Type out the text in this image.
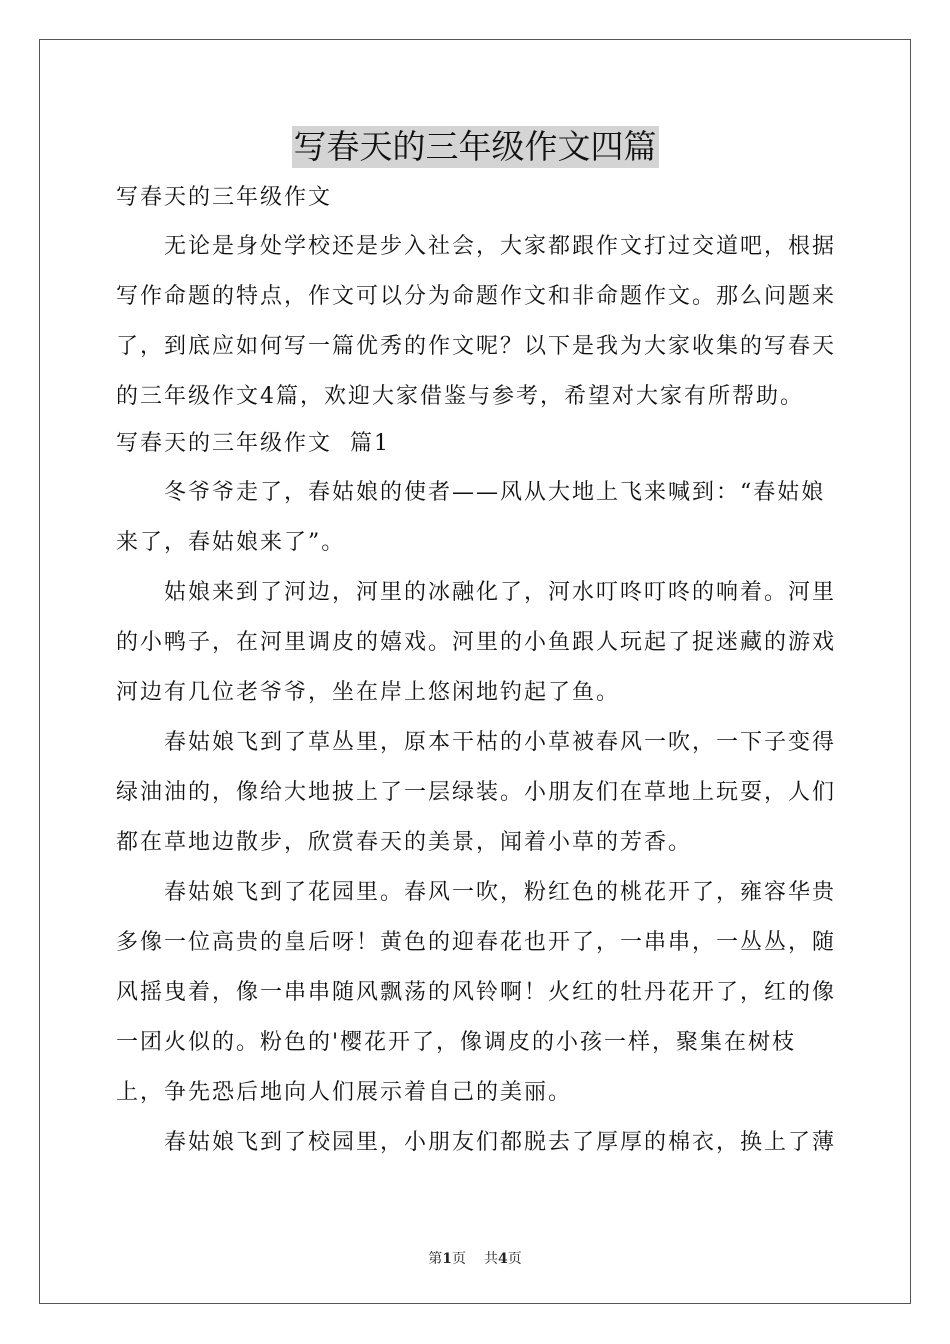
写春天的三年级作文四篇

写春天的三年级作文

无论是身处学校还是步入社会，大家都跟作文打过交道吧，根据写作命题的特点，作文可以分为命题作文和非命题作文。那么问题来了，到底应如何写一篇优秀的作文呢？以下是我为大家收集的写春天的三年级作文4篇，欢迎大家借鉴与参考，希望对大家有所帮助。

写春天的三年级作文  篇1

冬爷爷走了，春姑娘的使者——风从大地上飞来喊到：“春姑娘来了，春姑娘来了”。

姑娘来到了河边，河里的冰融化了，河水叮咚叮咚的响着。河里的小鸭子，在河里调皮的嬉戏。河里的小鱼跟人玩起了捉迷藏的游戏河边有几位老爷爷，坐在岸上悠闲地钓起了鱼。

春姑娘飞到了草丛里，原本干枯的小草被春风一吹，一下子变得绿油油的，像给大地披上了一层绿装。小朋友们在草地上玩耍，人们都在草地边散步，欣赏春天的美景，闻着小草的芳香。

春姑娘飞到了花园里。春风一吹，粉红色的桃花开了，雍容华贵多像一位高贵的皇后呀！黄色的迎春花也开了，一串串，一丛丛，随风摇曳着，像一串串随风飘荡的风铃啊！火红的牡丹花开了，红的像一团火似的。粉色的'樱花开了，像调皮的小孩一样，聚集在树枝上，争先恐后地向人们展示着自己的美丽。

春姑娘飞到了校园里，小朋友们都脱去了厚厚的棉衣，换上了薄

第1页 共4页
